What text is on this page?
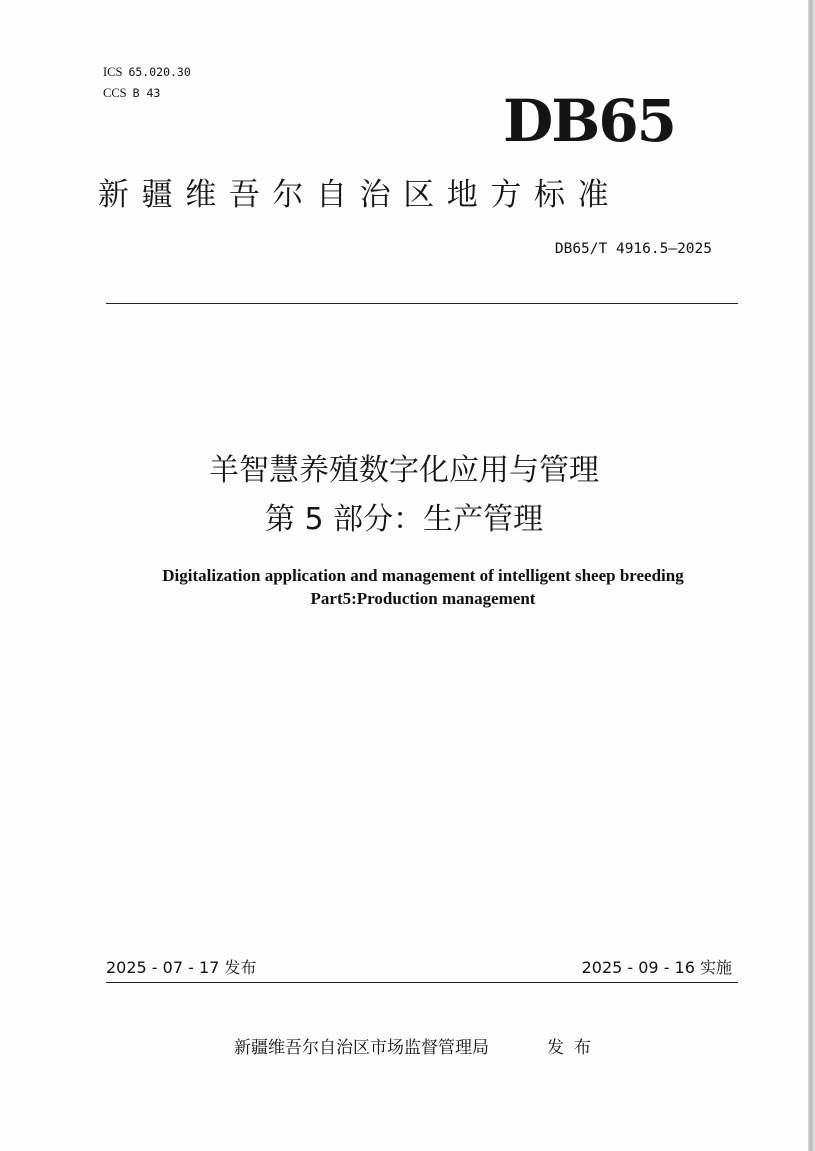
ICS 65.020.30
CCS B 43	DB65
新疆维吾尔自治区地方标准
DB65/T 4916.5—2025
羊智慧养殖数字化应用与管理
第 5 部分：生产管理
Digitalization application and management of intelligent sheep breeding
Part5:Production management
2025 - 07 - 17 发布	2025 - 09 - 16 实施
新疆维吾尔自治区市场监督管理局	发布
